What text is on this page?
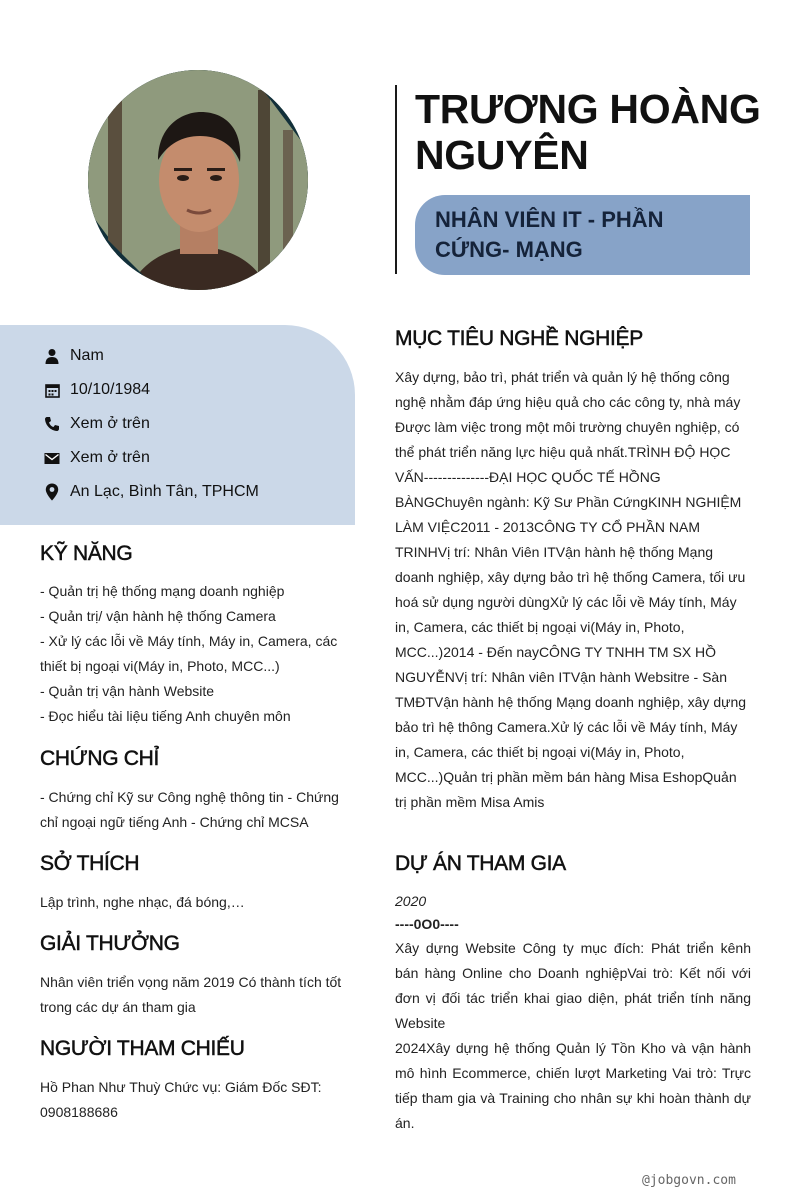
TRƯƠNG HOÀNG NGUYÊN
NHÂN VIÊN IT - PHẦN CỨNG- MẠNG
Nam
10/10/1984
Xem ở trên
Xem ở trên
An Lạc, Bình Tân, TPHCM
KỸ NĂNG
- Quản trị hệ thống mạng doanh nghiệp
- Quản trị/ vận hành hệ thống Camera
- Xử lý các lỗi về Máy tính, Máy in, Camera, các thiết bị ngoại vi(Máy in, Photo, MCC...)
- Quản trị vận hành Website
- Đọc hiểu tài liệu tiếng Anh chuyên môn
CHỨNG CHỈ
- Chứng chỉ Kỹ sư Công nghệ thông tin - Chứng chỉ ngoại ngữ tiếng Anh - Chứng chỉ MCSA
SỞ THÍCH
Lập trình, nghe nhạc, đá bóng,…
GIẢI THƯỞNG
Nhân viên triển vọng năm 2019 Có thành tích tốt trong các dự án tham gia
NGƯỜI THAM CHIẾU
Hồ Phan Như Thuỳ Chức vụ: Giám Đốc SĐT: 0908188686
MỤC TIÊU NGHỀ NGHIỆP
Xây dựng, bảo trì, phát triển và quản lý hệ thống công nghệ nhằm đáp ứng hiệu quả cho các công ty, nhà máy Được làm việc trong một môi trường chuyên nghiệp, có thể phát triển năng lực hiệu quả nhất.TRÌNH ĐỘ HỌC VẤN--------------ĐẠI HỌC QUỐC TẾ HỒNG BÀNGChuyên ngành: Kỹ Sư Phần CứngKINH NGHIỆM LÀM VIỆC2011 - 2013CÔNG TY CỔ PHẦN NAM TRINHVị trí: Nhân Viên ITVận hành hệ thống Mạng doanh nghiệp, xây dựng bảo trì hệ thống Camera, tối ưu hoá sử dụng người dùngXử lý các lỗi về Máy tính, Máy in, Camera, các thiết bị ngoại vi(Máy in, Photo, MCC...)2014 - Đến nayCÔNG TY TNHH TM SX HỒ NGUYỄNVị trí: Nhân viên ITVận hành Websitre - Sàn TMĐTVận hành hệ thống Mạng doanh nghiệp, xây dựng bảo trì hệ thông Camera.Xử lý các lỗi về Máy tính, Máy in, Camera, các thiết bị ngoại vi(Máy in, Photo, MCC...)Quản trị phần mềm bán hàng Misa EshopQuản trị phần mềm Misa Amis
DỰ ÁN THAM GIA
2020
----0O0----
Xây dựng Website Công ty mục đích: Phát triển kênh bán hàng Online cho Doanh nghiệpVai trò: Kết nối với đơn vị đối tác triển khai giao diện, phát triển tính năng Website
2024Xây dựng hệ thống Quản lý Tồn Kho và vận hành mô hình Ecommerce, chiến lượt Marketing Vai trò: Trực tiếp tham gia và Training cho nhân sự khi hoàn thành dự án.
@jobgovn.com
